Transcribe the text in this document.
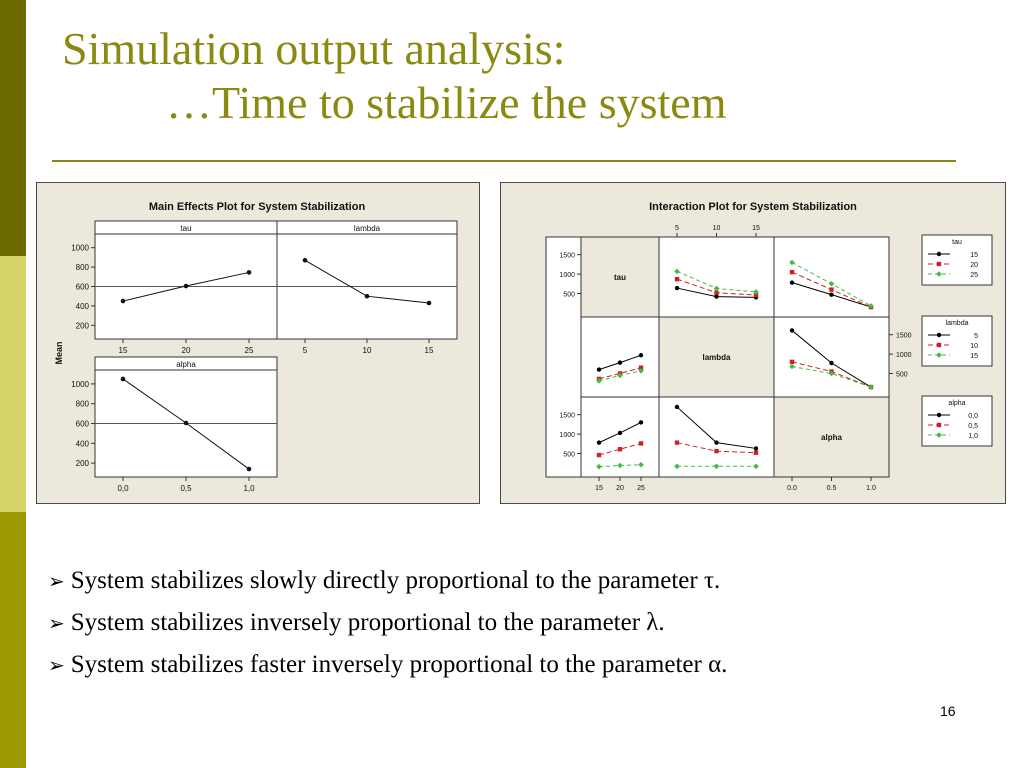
Simulation output analysis:
…Time to stabilize the system
Main Effects Plot for System Stabilization
Mean
tau
200
400
600
800
1000
15	20	25
lambda
5	10	15
alpha
200
400
600
800
1000
0,0	0,5	1,0
Interaction Plot for System Stabilization
tau
lambda
alpha
500
1000
1500
500
1000
1500
500
1000
1500
5	10	15
15 20 25	0.0	0.5	1.0
tau
15
20
25
lambda
5
10
15
alpha
0,0
0,5
1,0
➢ System stabilizes slowly directly proportional to the parameter τ.
➢ System stabilizes inversely proportional to the parameter λ.
➢ System stabilizes faster inversely proportional to the parameter α.
16
